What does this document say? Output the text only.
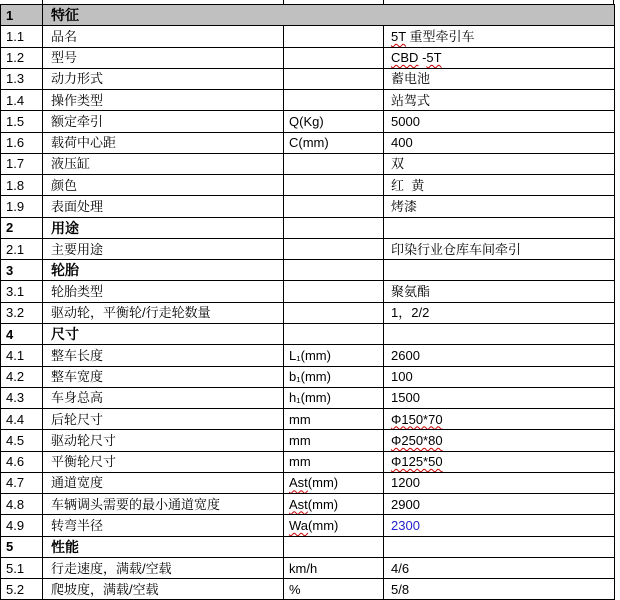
1	特征		
1.1	品名		5T 重型牵引车
1.2	型号		CBD -5T
1.3	动力形式		蓄电池
1.4	操作类型		站驾式
1.5	额定牵引	Q(Kg)	5000
1.6	载荷中心距	C(mm)	400
1.7	液压缸		双
1.8	颜色		红  黄
1.9	表面处理		烤漆
2	用途		
2.1	主要用途		印染行业仓库车间牵引
3	轮胎		
3.1	轮胎类型		聚氨酯
3.2	驱动轮，平衡轮/行走轮数量		1，2/2
4	尺寸		
4.1	整车长度	L₁(mm)	2600
4.2	整车宽度	b₁(mm)	100
4.3	车身总高	h₁(mm)	1500
4.4	后轮尺寸	mm	Φ150*70
4.5	驱动轮尺寸	mm	Φ250*80
4.6	平衡轮尺寸	mm	Φ125*50
4.7	通道宽度	Ast(mm)	1200
4.8	车辆调头需要的最小通道宽度	Ast(mm)	2900
4.9	转弯半径	Wa(mm)	2300
5	性能		
5.1	行走速度，满载/空载	km/h	4/6
5.2	爬坡度，满载/空载	%	5/8
